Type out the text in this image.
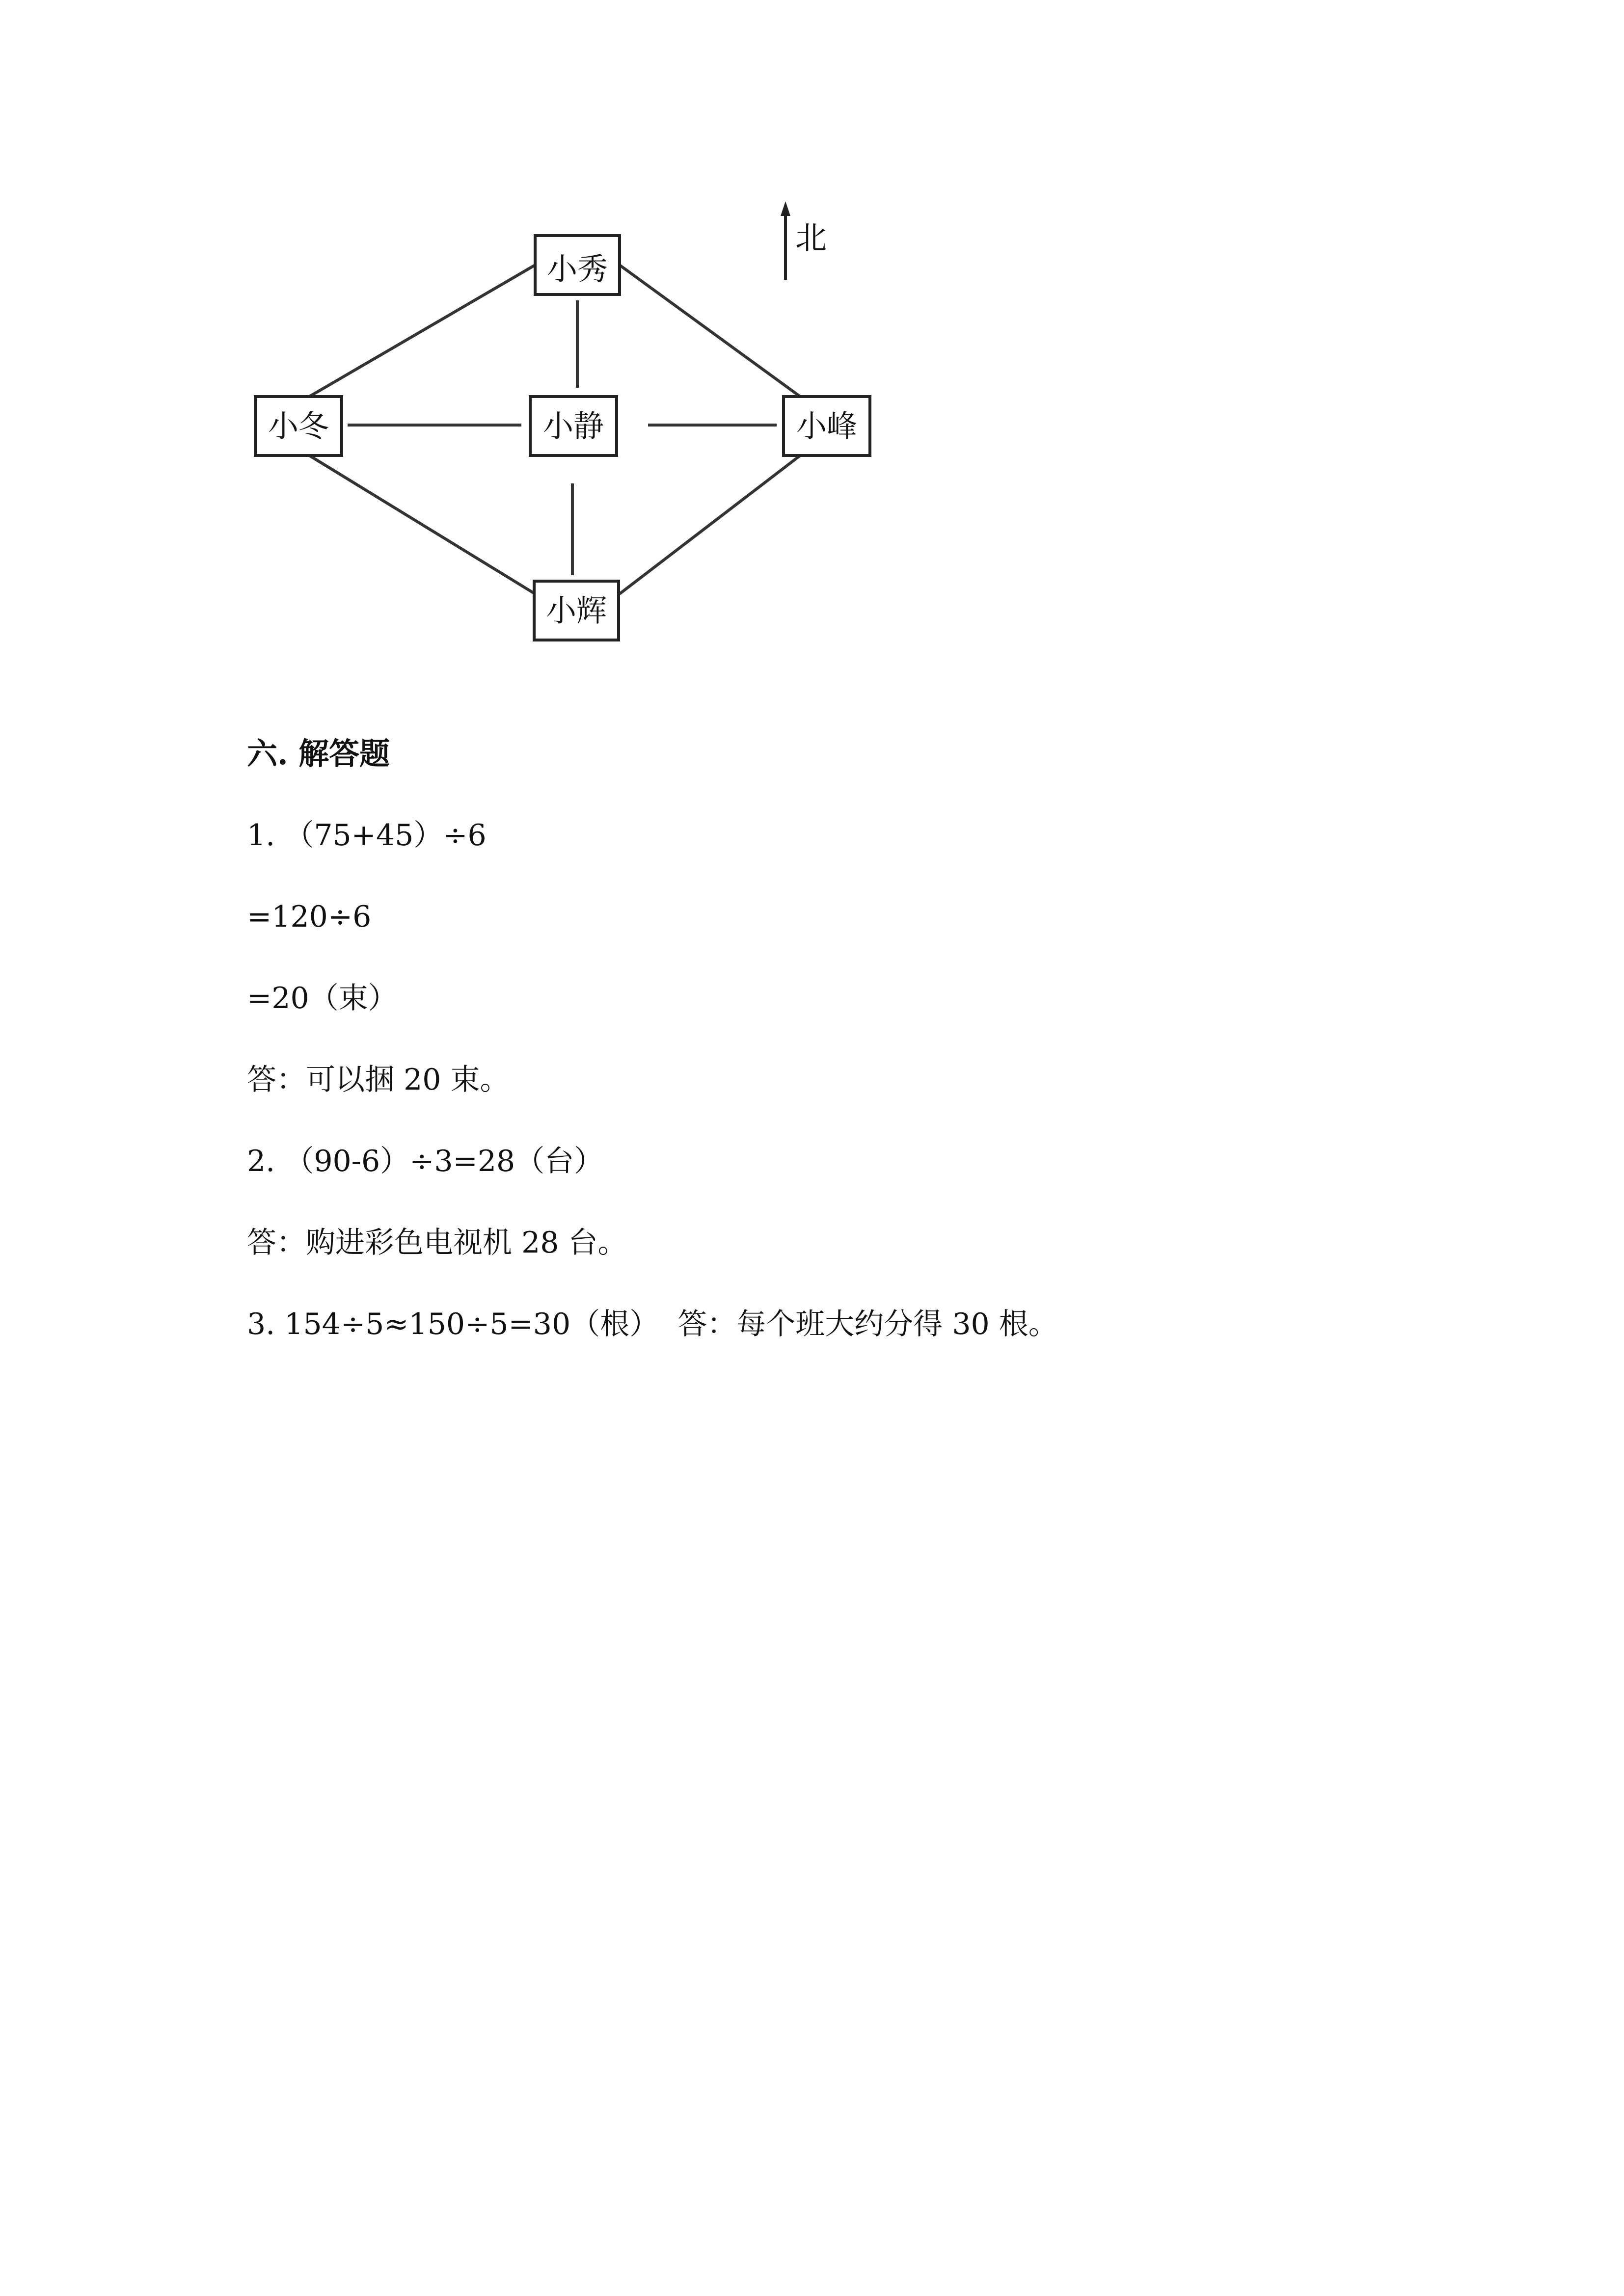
北
小秀
小冬	小静	小峰
小辉
六. 解答题
1. （75+45）÷6
=120÷6
=20（束）
答：可以捆 20 束。
2. （90-6）÷3=28（台）
答：购进彩色电视机 28 台。
3. 154÷5≈150÷5=30（根）  答：每个班大约分得 30 根。
